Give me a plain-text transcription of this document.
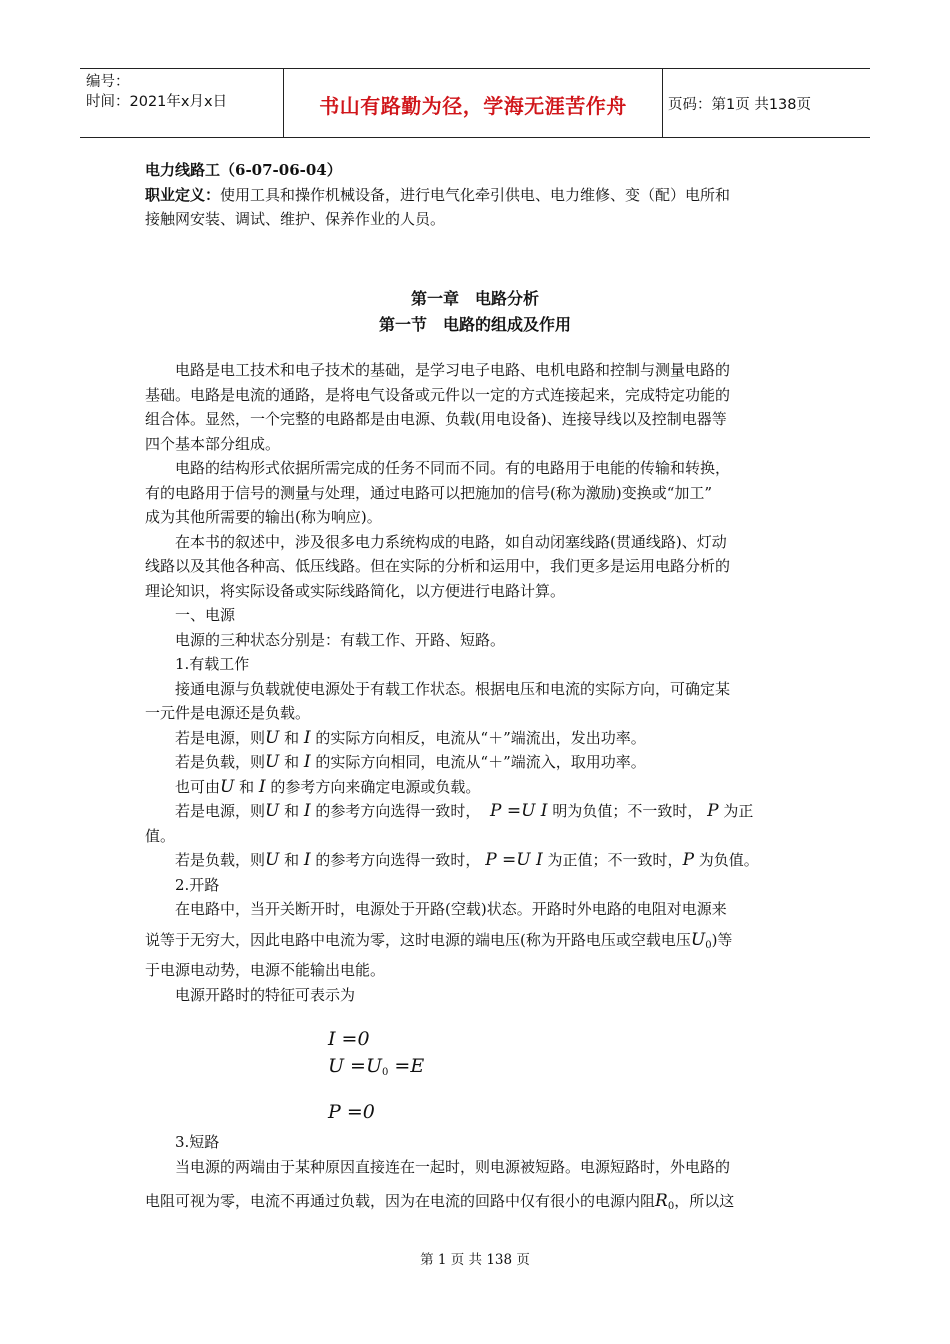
编号：
时间：2021年x月x日	书山有路勤为径，学海无涯苦作舟	页码：第1页 共138页

电力线路工（6-07-06-04）

职业定义：使用工具和操作机械设备，进行电气化牵引供电、电力维修、变（配）电所和

接触网安装、调试、维护、保养作业的人员。

第一章　电路分析
第一节　电路的组成及作用

电路是电工技术和电子技术的基础，是学习电子电路、电机电路和控制与测量电路的

基础。电路是电流的通路，是将电气设备或元件以一定的方式连接起来，完成特定功能的

组合体。显然，一个完整的电路都是由电源、负载(用电设备)、连接导线以及控制电器等

四个基本部分组成。

电路的结构形式依据所需完成的任务不同而不同。有的电路用于电能的传输和转换，

有的电路用于信号的测量与处理，通过电路可以把施加的信号(称为激励)变换或“加工”

成为其他所需要的输出(称为响应)。

在本书的叙述中，涉及很多电力系统构成的电路，如自动闭塞线路(贯通线路)、灯动

线路以及其他各种高、低压线路。但在实际的分析和运用中，我们更多是运用电路分析的

理论知识，将实际设备或实际线路简化，以方便进行电路计算。

一、电源

电源的三种状态分别是：有载工作、开路、短路。

1.有载工作

接通电源与负载就使电源处于有载工作状态。根据电压和电流的实际方向，可确定某

一元件是电源还是负载。

若是电源，则U 和 I 的实际方向相反，电流从“＋”端流出，发出功率。

若是负载，则U 和 I 的实际方向相同，电流从“＋”端流入，取用功率。

也可由U 和 I 的参考方向来确定电源或负载。

若是电源，则U 和 I 的参考方向选得一致时， P =U I 明为负值；不一致时， P 为正

值。

若是负载，则U 和 I 的参考方向选得一致时， P =U I 为正值；不一致时，P 为负值。

2.开路

在电路中，当开关断开时，电源处于开路(空载)状态。开路时外电路的电阻对电源来

说等于无穷大，因此电路中电流为零，这时电源的端电压(称为开路电压或空载电压$U_0$)等

于电源电动势，电源不能输出电能。

电源开路时的特征可表示为

I =0
$U =U_0 =E$
P =0

3.短路

当电源的两端由于某种原因直接连在一起时，则电源被短路。电源短路时，外电路的

电阻可视为零，电流不再通过负载，因为在电流的回路中仅有很小的电源内阻$R_0$，所以这

第 1 页 共 138 页
